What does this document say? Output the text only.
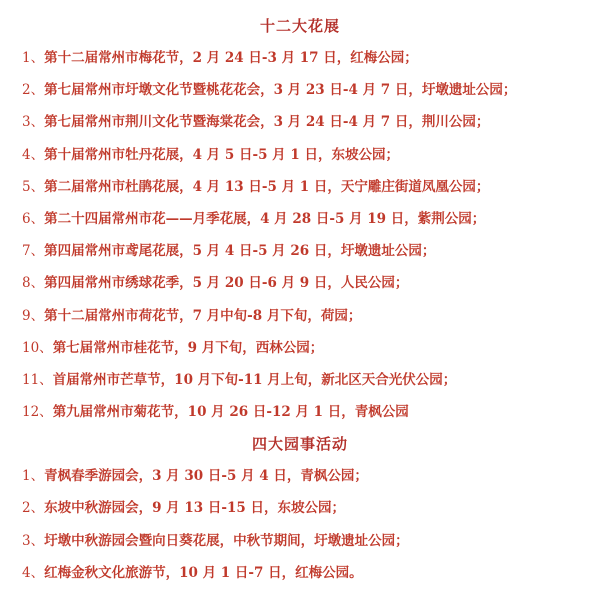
十二大花展
1、第十二届常州市梅花节，2 月 24 日-3 月 17 日，红梅公园；
2、第七届常州市圩墩文化节暨桃花花会，3 月 23 日-4 月 7 日，圩墩遗址公园；
3、第七届常州市荆川文化节暨海棠花会，3 月 24 日-4 月 7 日，荆川公园；
4、第十届常州市牡丹花展，4 月 5 日-5 月 1 日，东坡公园；
5、第二届常州市杜鹃花展，4 月 13 日-5 月 1 日，天宁雕庄街道凤凰公园；
6、第二十四届常州市花——月季花展，4 月 28 日-5 月 19 日，紫荆公园；
7、第四届常州市鸢尾花展，5 月 4 日-5 月 26 日，圩墩遗址公园；
8、第四届常州市绣球花季，5 月 20 日-6 月 9 日，人民公园；
9、第十二届常州市荷花节，7 月中旬-8 月下旬，荷园；
10、第七届常州市桂花节，9 月下旬，西林公园；
11、首届常州市芒草节，10 月下旬-11 月上旬，新北区天合光伏公园；
12、第九届常州市菊花节，10 月 26 日-12 月 1 日，青枫公园
四大园事活动
1、青枫春季游园会，3 月 30 日-5 月 4 日，青枫公园；
2、东坡中秋游园会，9 月 13 日-15 日，东坡公园；
3、圩墩中秋游园会暨向日葵花展，中秋节期间，圩墩遗址公园；
4、红梅金秋文化旅游节，10 月 1 日-7 日，红梅公园。
